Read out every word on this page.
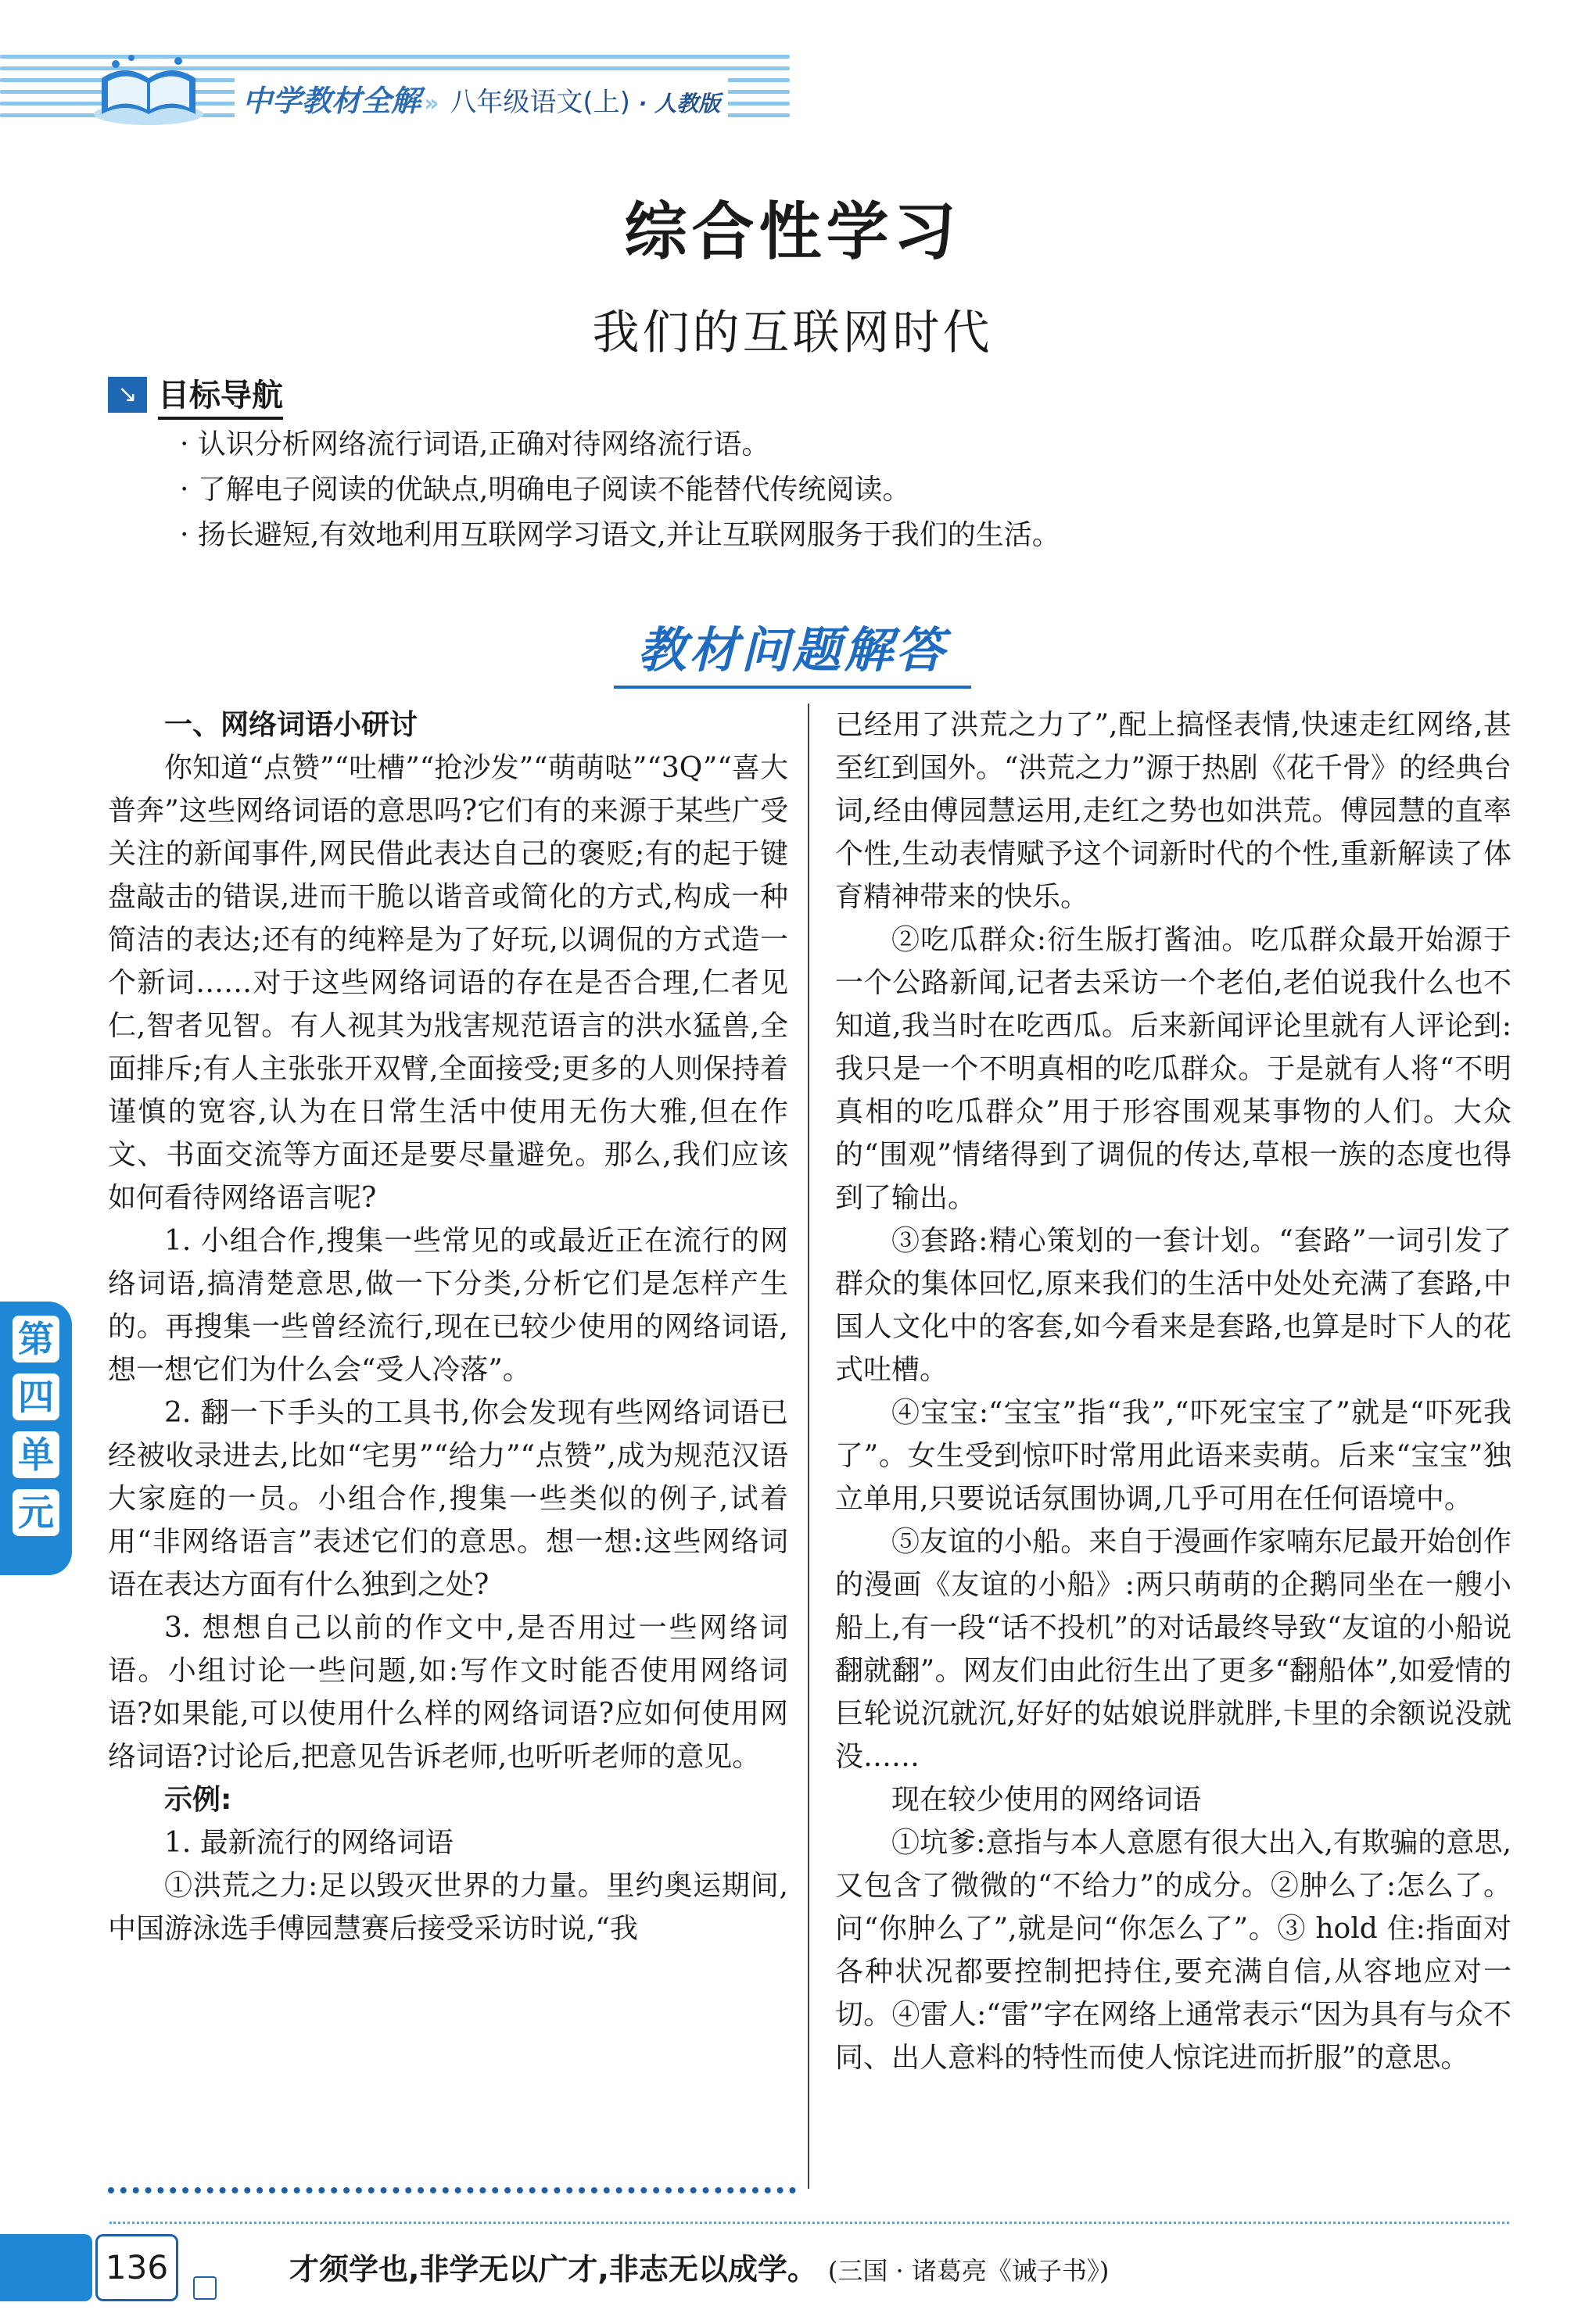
中学教材全解 » 八年级语文(上) · 人教版
综合性学习
我们的互联网时代
↘ 目标导航
· 认识分析网络流行词语,正确对待网络流行语。
· 了解电子阅读的优缺点,明确电子阅读不能替代传统阅读。
· 扬长避短,有效地利用互联网学习语文,并让互联网服务于我们的生活。
教材问题解答

一、网络词语小研讨

你知道“点赞”“吐槽”“抢沙发”“萌萌哒”“3Q”“喜大普奔”这些网络词语的意思吗?它们有的来源于某些广受关注的新闻事件,网民借此表达自己的褒贬;有的起于键盘敲击的错误,进而干脆以谐音或简化的方式,构成一种简洁的表达;还有的纯粹是为了好玩,以调侃的方式造一个新词……对于这些网络词语的存在是否合理,仁者见仁,智者见智。有人视其为戕害规范语言的洪水猛兽,全面排斥;有人主张张开双臂,全面接受;更多的人则保持着谨慎的宽容,认为在日常生活中使用无伤大雅,但在作文、书面交流等方面还是要尽量避免。那么,我们应该如何看待网络语言呢?

1. 小组合作,搜集一些常见的或最近正在流行的网络词语,搞清楚意思,做一下分类,分析它们是怎样产生的。再搜集一些曾经流行,现在已较少使用的网络词语,想一想它们为什么会“受人冷落”。

2. 翻一下手头的工具书,你会发现有些网络词语已经被收录进去,比如“宅男”“给力”“点赞”,成为规范汉语大家庭的一员。小组合作,搜集一些类似的例子,试着用“非网络语言”表述它们的意思。想一想:这些网络词语在表达方面有什么独到之处?

3. 想想自己以前的作文中,是否用过一些网络词语。小组讨论一些问题,如:写作文时能否使用网络词语?如果能,可以使用什么样的网络词语?应如何使用网络词语?讨论后,把意见告诉老师,也听听老师的意见。

示例:

1. 最新流行的网络词语

①洪荒之力:足以毁灭世界的力量。里约奥运期间,中国游泳选手傅园慧赛后接受采访时说,“我

已经用了洪荒之力了”,配上搞怪表情,快速走红网络,甚至红到国外。“洪荒之力”源于热剧《花千骨》的经典台词,经由傅园慧运用,走红之势也如洪荒。傅园慧的直率个性,生动表情赋予这个词新时代的个性,重新解读了体育精神带来的快乐。

②吃瓜群众:衍生版打酱油。吃瓜群众最开始源于一个公路新闻,记者去采访一个老伯,老伯说我什么也不知道,我当时在吃西瓜。后来新闻评论里就有人评论到:我只是一个不明真相的吃瓜群众。于是就有人将“不明真相的吃瓜群众”用于形容围观某事物的人们。大众的“围观”情绪得到了调侃的传达,草根一族的态度也得到了输出。

③套路:精心策划的一套计划。“套路”一词引发了群众的集体回忆,原来我们的生活中处处充满了套路,中国人文化中的客套,如今看来是套路,也算是时下人的花式吐槽。

④宝宝:“宝宝”指“我”,“吓死宝宝了”就是“吓死我了”。女生受到惊吓时常用此语来卖萌。后来“宝宝”独立单用,只要说话氛围协调,几乎可用在任何语境中。

⑤友谊的小船。来自于漫画作家喃东尼最开始创作的漫画《友谊的小船》:两只萌萌的企鹅同坐在一艘小船上,有一段“话不投机”的对话最终导致“友谊的小船说翻就翻”。网友们由此衍生出了更多“翻船体”,如爱情的巨轮说沉就沉,好好的姑娘说胖就胖,卡里的余额说没就没……

现在较少使用的网络词语

①坑爹:意指与本人意愿有很大出入,有欺骗的意思,又包含了微微的“不给力”的成分。②肿么了:怎么了。问“你肿么了”,就是问“你怎么了”。③ hold 住:指面对各种状况都要控制把持住,要充满自信,从容地应对一切。④雷人:“雷”字在网络上通常表示“因为具有与众不同、出人意料的特性而使人惊诧进而折服”的意思。

第
四
单
元
136	才须学也,非学无以广才,非志无以成学。 (三国 · 诸葛亮《诫子书》)
